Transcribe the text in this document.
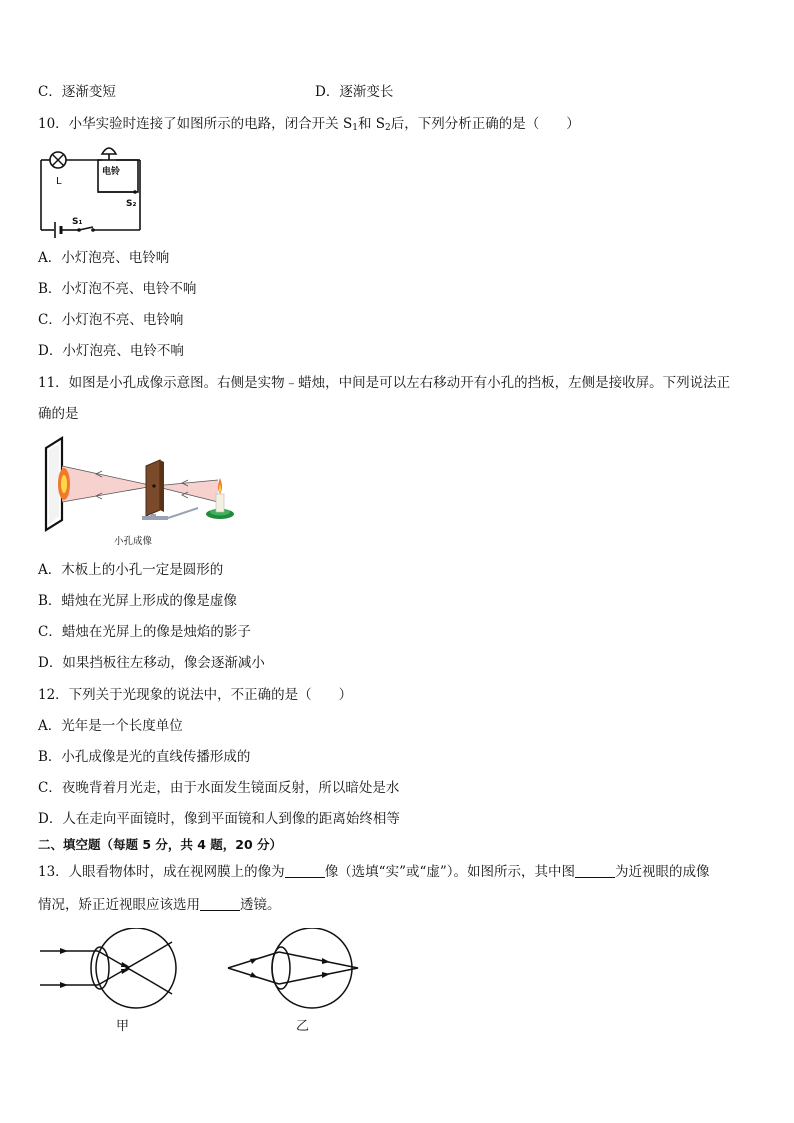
C．逐渐变短	D．逐渐变长
10．小华实验时连接了如图所示的电路，闭合开关 $S_1$和 $S_2$后，下列分析正确的是（　　）
L
电铃
S₂
S₁
A．小灯泡亮、电铃响
B．小灯泡不亮、电铃不响
C．小灯泡不亮、电铃响
D．小灯泡亮、电铃不响
11．如图是小孔成像示意图。右侧是实物﹣蜡烛，中间是可以左右移动开有小孔的挡板，左侧是接收屏。下列说法正
确的是
小孔成像
A．木板上的小孔一定是圆形的
B．蜡烛在光屏上形成的像是虚像
C．蜡烛在光屏上的像是烛焰的影子
D．如果挡板往左移动，像会逐渐减小
12．下列关于光现象的说法中，不正确的是（　　）
A．光年是一个长度单位
B．小孔成像是光的直线传播形成的
C．夜晚背着月光走，由于水面发生镜面反射，所以暗处是水
D．人在走向平面镜时，像到平面镜和人到像的距离始终相等
二、填空题（每题 5 分，共 4 题，20 分）
13．人眼看物体时，成在视网膜上的像为	像（选填“实”或“虚”）。如图所示，其中图	为近视眼的成像
情况，矫正近视眼应该选用	透镜。
甲	乙
